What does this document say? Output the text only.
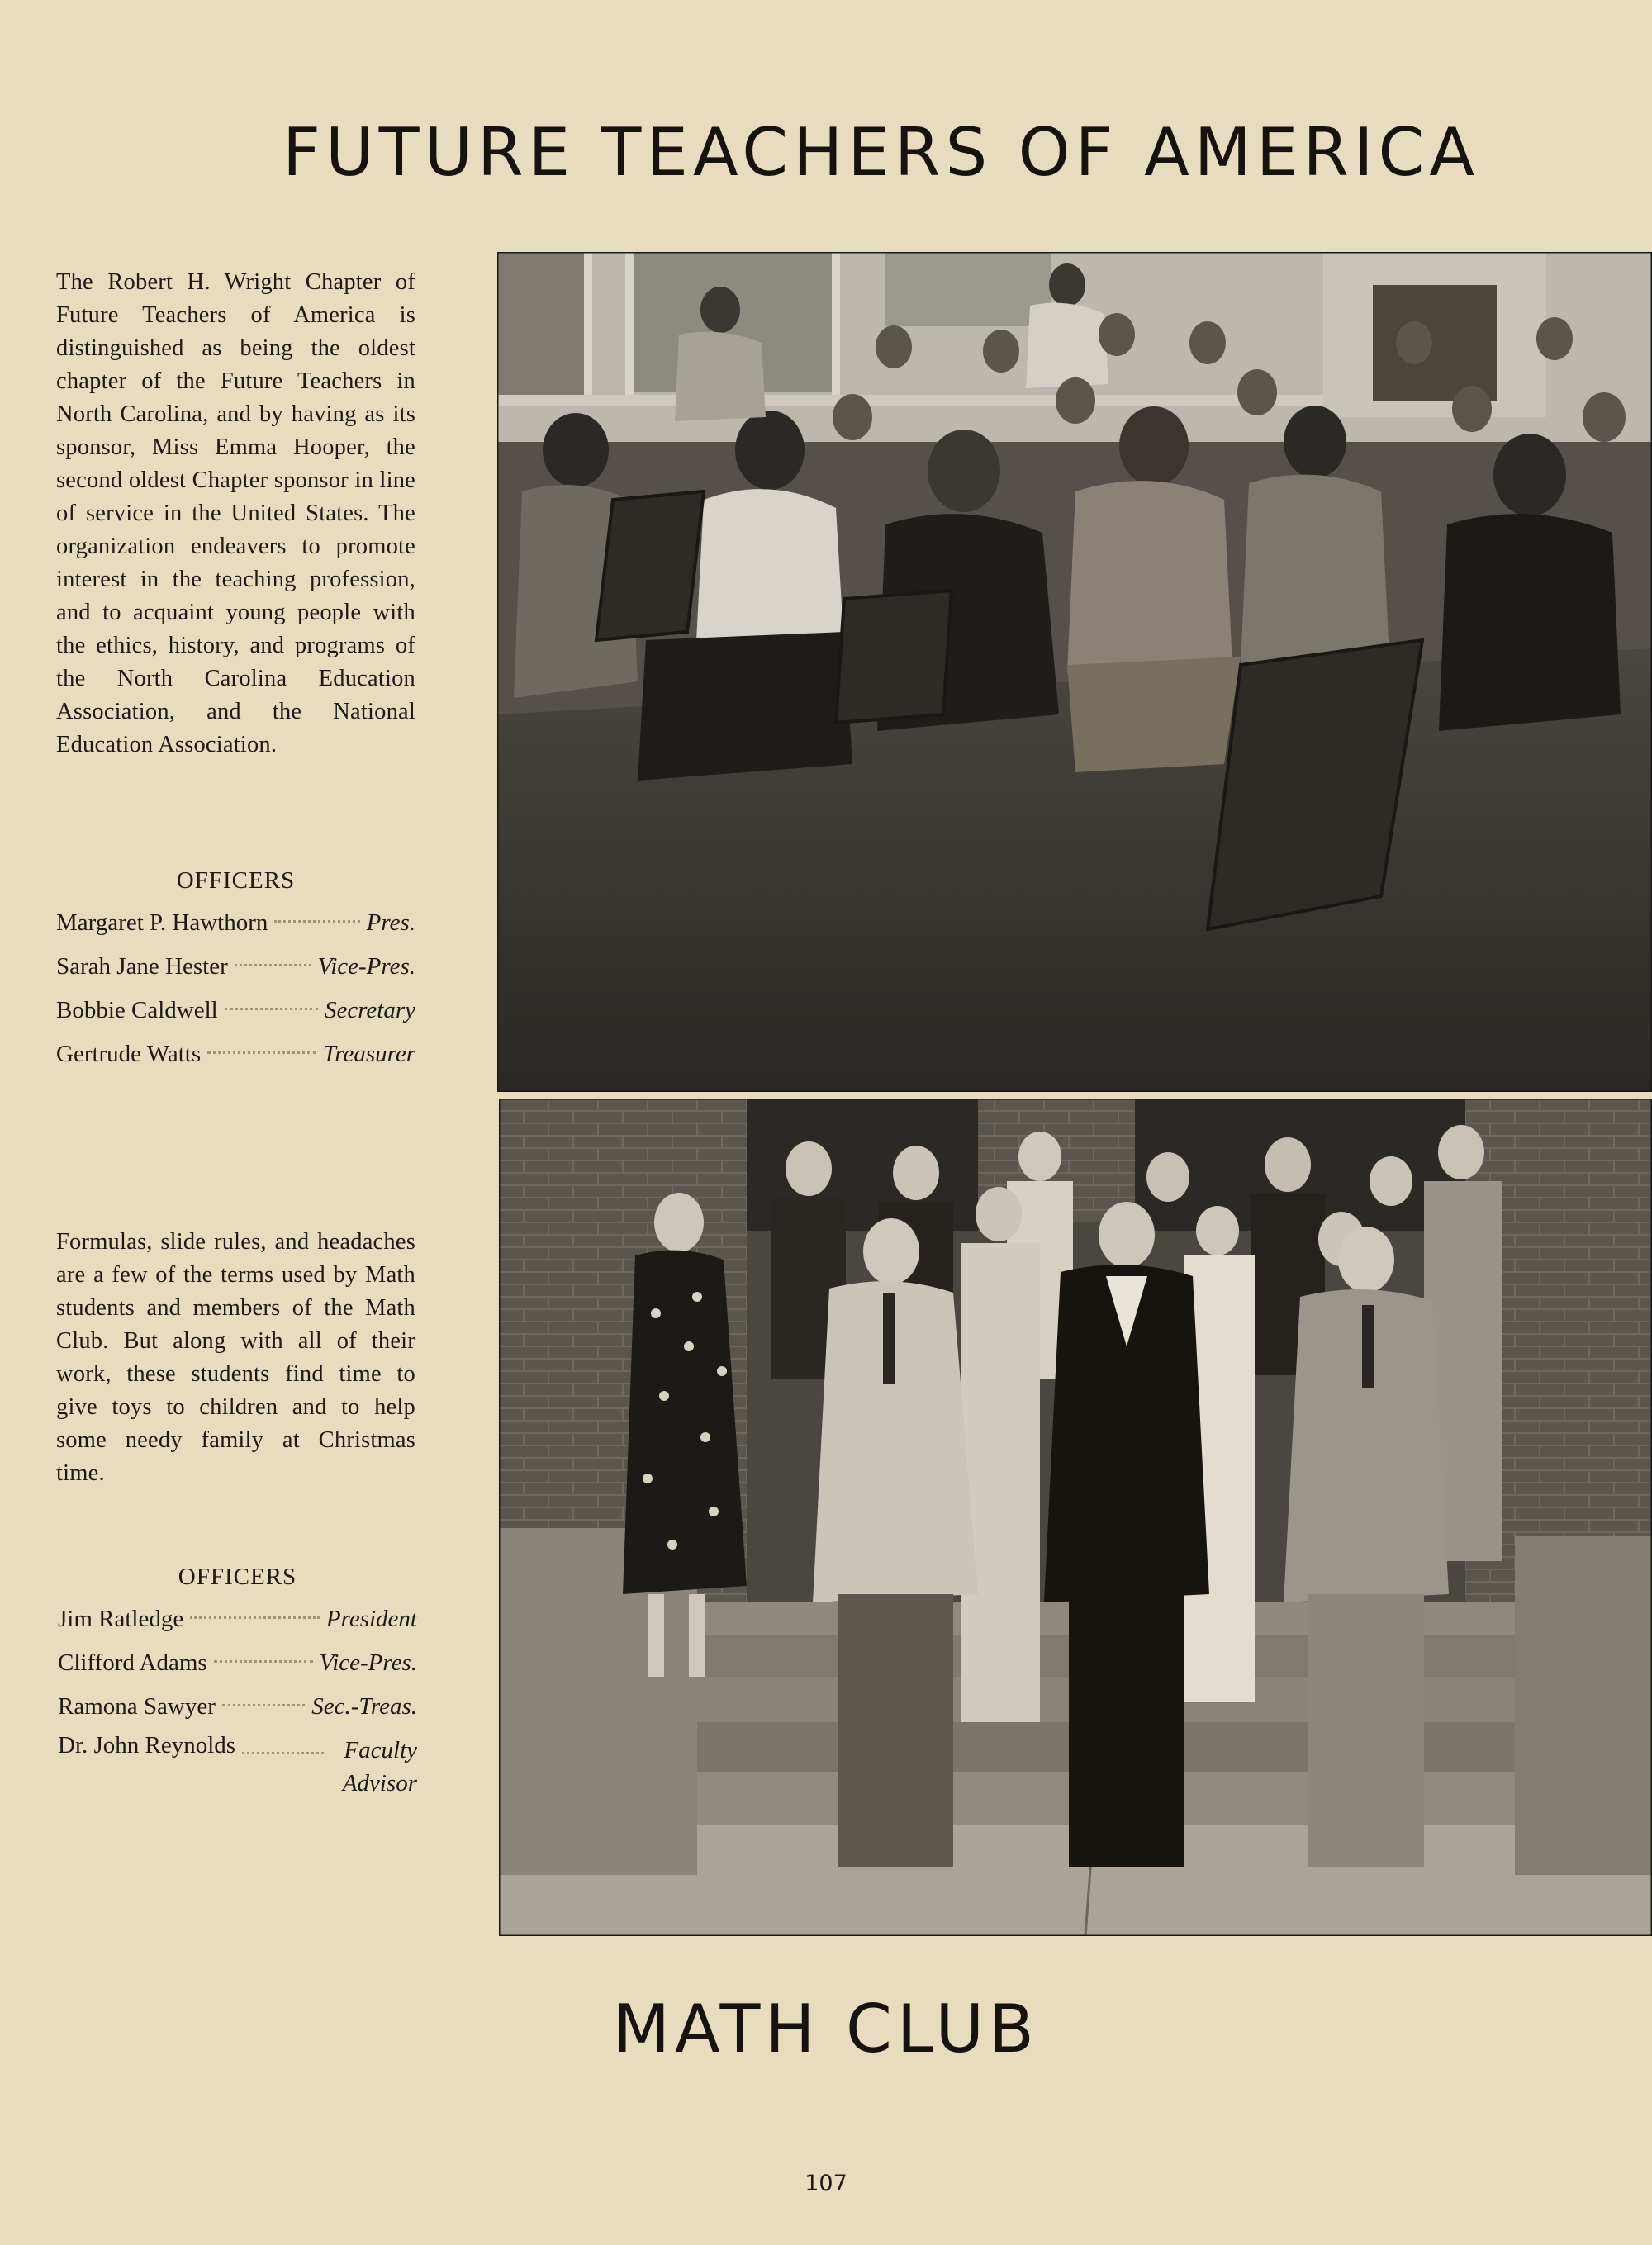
FUTURE TEACHERS OF AMERICA

The Robert H. Wright Chapter of Future Teachers of America is distinguished as being the oldest chapter of the Future Teachers in North Carolina, and by having as its sponsor, Miss Emma Hooper, the second oldest Chapter sponsor in line of service in the United States. The organization endeavers to promote interest in the teaching profession, and to acquaint young people with the ethics, history, and programs of the North Carolina Education Association, and the National Education Association.

OFFICERS

Margaret P. Hawthorn	Pres.
Sarah Jane Hester	Vice-Pres.
Bobbie Caldwell	Secretary
Gertrude Watts	Treasurer

Formulas, slide rules, and headaches are a few of the terms used by Math students and members of the Math Club. But along with all of their work, these students find time to give toys to children and to help some needy family at Christmas time.

OFFICERS

Jim Ratledge	President
Clifford Adams	Vice-Pres.
Ramona Sawyer	Sec.-Treas.
Dr. John Reynolds	Faculty Advisor
MATH CLUB
107
